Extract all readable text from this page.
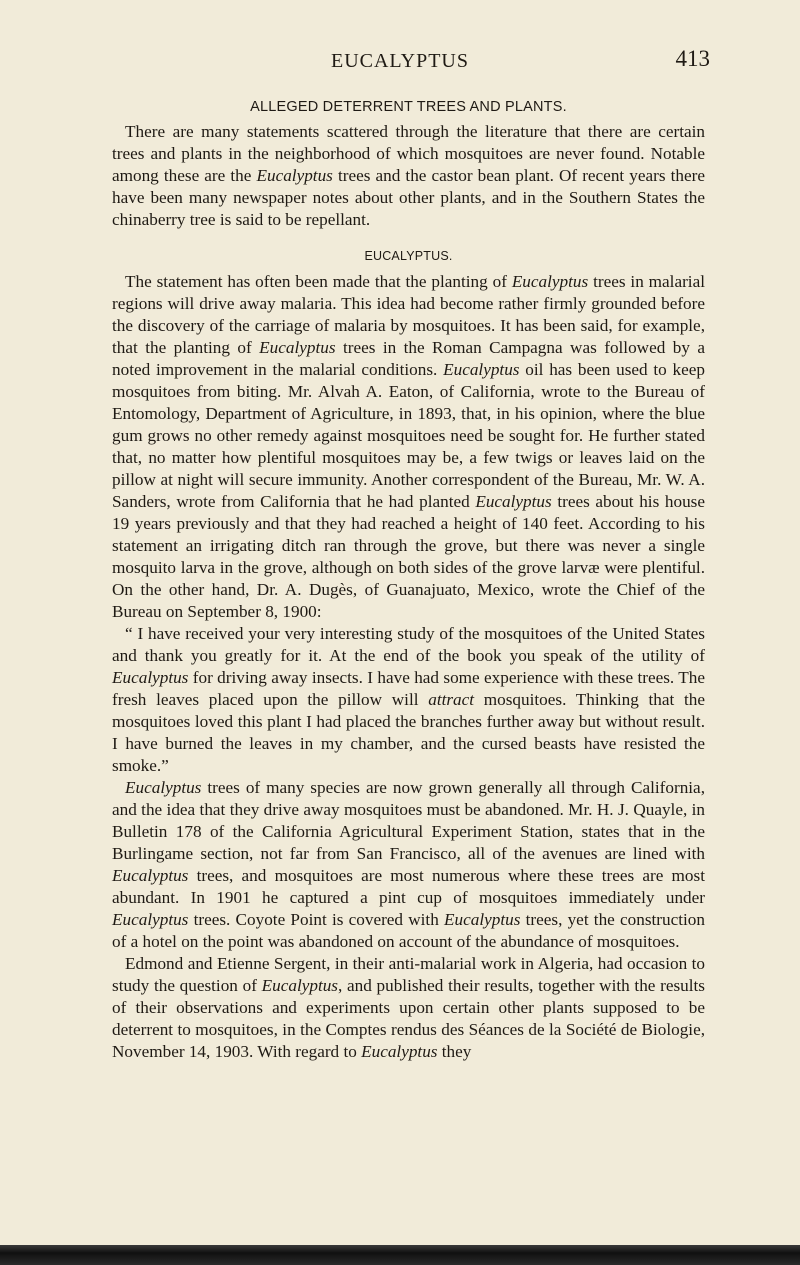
EUCALYPTUS	413
ALLEGED DETERRENT TREES AND PLANTS.

There are many statements scattered through the literature that there are certain trees and plants in the neighborhood of which mosquitoes are never found. Notable among these are the Eucalyptus trees and the castor bean plant. Of recent years there have been many newspaper notes about other plants, and in the Southern States the chinaberry tree is said to be repellant.

EUCALYPTUS.

The statement has often been made that the planting of Eucalyptus trees in malarial regions will drive away malaria. This idea had become rather firmly grounded before the discovery of the carriage of malaria by mosquitoes. It has been said, for example, that the planting of Eucalyptus trees in the Roman Campagna was followed by a noted improvement in the malarial conditions. Eucalyptus oil has been used to keep mosquitoes from biting. Mr. Alvah A. Eaton, of California, wrote to the Bureau of Entomology, Department of Agriculture, in 1893, that, in his opinion, where the blue gum grows no other remedy against mosquitoes need be sought for. He further stated that, no matter how plentiful mosquitoes may be, a few twigs or leaves laid on the pillow at night will secure immunity. Another correspondent of the Bureau, Mr. W. A. Sanders, wrote from California that he had planted Eucalyptus trees about his house 19 years previously and that they had reached a height of 140 feet. According to his statement an irrigating ditch ran through the grove, but there was never a single mosquito larva in the grove, although on both sides of the grove larvæ were plentiful. On the other hand, Dr. A. Dugès, of Guanajuato, Mexico, wrote the Chief of the Bureau on September 8, 1900:

“ I have received your very interesting study of the mosquitoes of the United States and thank you greatly for it. At the end of the book you speak of the utility of Eucalyptus for driving away insects. I have had some experience with these trees. The fresh leaves placed upon the pillow will attract mosquitoes. Thinking that the mosquitoes loved this plant I had placed the branches further away but without result. I have burned the leaves in my chamber, and the cursed beasts have resisted the smoke.”

Eucalyptus trees of many species are now grown generally all through California, and the idea that they drive away mosquitoes must be abandoned. Mr. H. J. Quayle, in Bulletin 178 of the California Agricultural Experiment Station, states that in the Burlingame section, not far from San Francisco, all of the avenues are lined with Eucalyptus trees, and mosquitoes are most numerous where these trees are most abundant. In 1901 he captured a pint cup of mosquitoes immediately under Eucalyptus trees. Coyote Point is covered with Eucalyptus trees, yet the construction of a hotel on the point was abandoned on account of the abundance of mosquitoes.

Edmond and Etienne Sergent, in their anti-malarial work in Algeria, had occasion to study the question of Eucalyptus, and published their results, together with the results of their observations and experiments upon certain other plants supposed to be deterrent to mosquitoes, in the Comptes rendus des Séances de la Société de Biologie, November 14, 1903. With regard to Eucalyptus they
